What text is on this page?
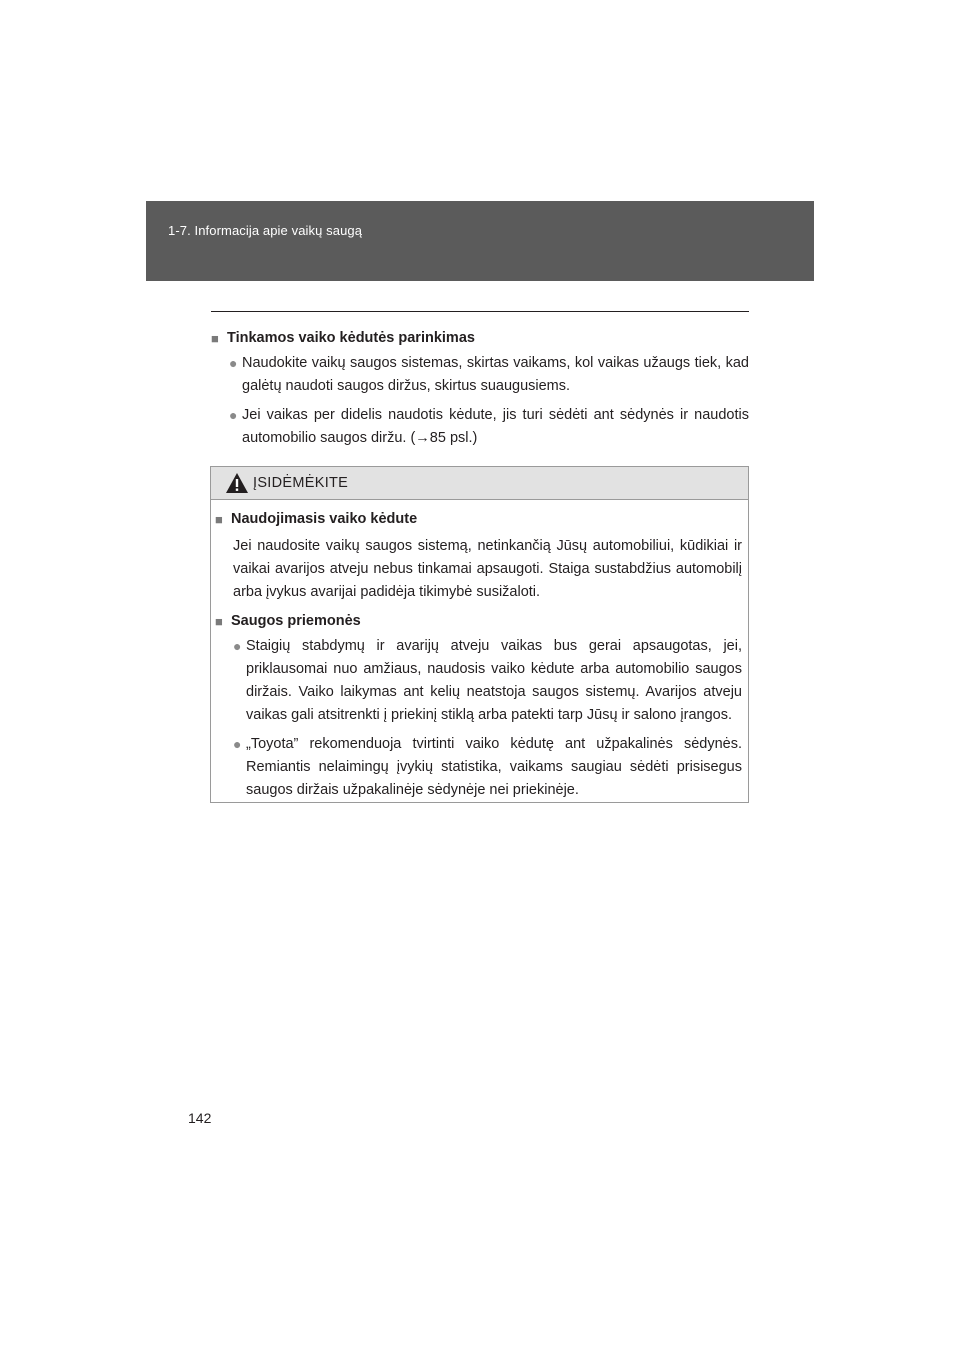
1-7. Informacija apie vaikų saugą
■ Tinkamos vaiko kėdutės parinkimas
● Naudokite vaikų saugos sistemas, skirtas vaikams, kol vaikas užaugs tiek, kad galėtų naudoti saugos diržus, skirtus suaugusiems.
● Jei vaikas per didelis naudotis kėdute, jis turi sėdėti ant sėdynės ir naudotis automobilio saugos diržu. (→85 psl.)
ĮSIDĖMĖKITE
■ Naudojimasis vaiko kėdute
Jei naudosite vaikų saugos sistemą, netinkančią Jūsų automobiliui, kūdikiai ir vaikai avarijos atveju nebus tinkamai apsaugoti. Staiga sustabdžius automobilį arba įvykus avarijai padidėja tikimybė susižaloti.
■ Saugos priemonės
● Staigių stabdymų ir avarijų atveju vaikas bus gerai apsaugotas, jei, priklausomai nuo amžiaus, naudosis vaiko kėdute arba automobilio saugos diržais. Vaiko laikymas ant kelių neatstoja saugos sistemų. Avarijos atveju vaikas gali atsitrenkti į priekinį stiklą arba patekti tarp Jūsų ir salono įrangos.
● „Toyota” rekomenduoja tvirtinti vaiko kėdutę ant užpakalinės sėdynės. Remiantis nelaimingų įvykių statistika, vaikams saugiau sėdėti prisisegus saugos diržais užpakalinėje sėdynėje nei priekinėje.
142
